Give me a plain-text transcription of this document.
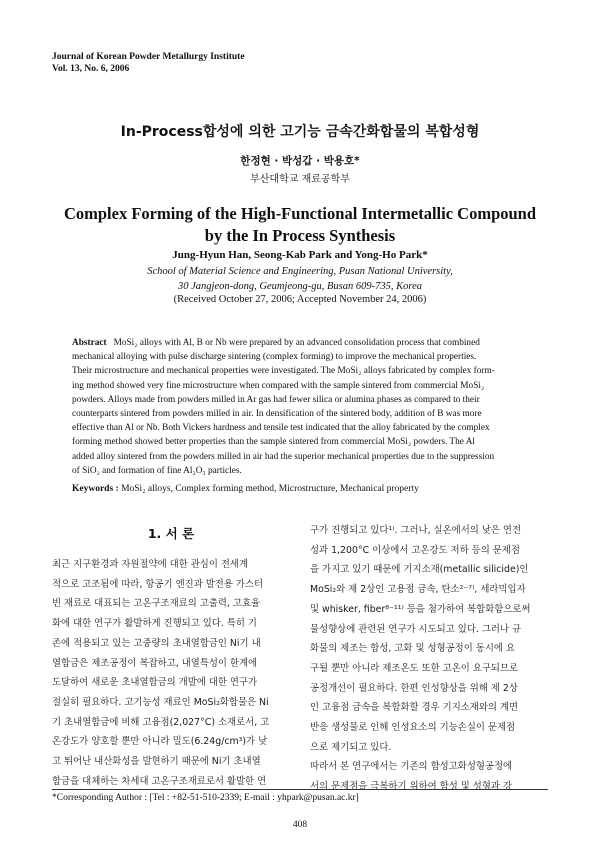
Journal of Korean Powder Metallurgy Institute
Vol. 13, No. 6, 2006
In-Process합성에 의한 고기능 금속간화합물의 복합성형
한정현 · 박성갑 · 박용호*
부산대학교 재료공학부
Complex Forming of the High-Functional Intermetallic Compound
by the In Process Synthesis
Jung-Hyun Han, Seong-Kab Park and Yong-Ho Park*
School of Material Science and Engineering, Pusan National University,
30 Jangjeon-dong, Geumjeong-gu, Busan 609-735, Korea
(Received October 27, 2006; Accepted November 24, 2006)
Abstract MoSi₂ alloys with Al, B or Nb were prepared by an advanced consolidation process that combined
mechanical alloying with pulse discharge sintering (complex forming) to improve the mechanical properties.
Their microstructure and mechanical properties were investigated. The MoSi₂ alloys fabricated by complex form-
ing method showed very fine microstructure when compared with the sample sintered from commercial MoSi₂
powders. Alloys made from powders milled in Ar gas had fewer silica or alumina phases as compared to their
counterparts sintered from powders milled in air. In densification of the sintered body, addition of B was more
effective than Al or Nb. Both Vickers hardness and tensile test indicated that the alloy fabricated by the complex
forming method showed better properties than the sample sintered from commercial MoSi₂ powders. The Al
added alloy sintered from the powders milled in air had the superior mechanical properties due to the suppression
of SiO₂ and formation of fine Al₂O₃ particles.
Keywords : MoSi₂ alloys, Complex forming method, Microstructure, Mechanical property
1. 서 론
최근 지구환경과 자원절약에 대한 관심이 전세계
적으로 고조됨에 따라, 항공기 엔진과 발전용 가스터
빈 재료로 대표되는 고온구조재료의 고출력, 고효율
화에 대한 연구가 활발하게 진행되고 있다. 특히 기
존에 적용되고 있는 고중량의 초내열합금인 Ni기 내
열합금은 제조공정이 복잡하고, 내열특성이 한계에
도달하여 새로운 초내열합금의 개발에 대한 연구가
절실히 필요하다. 고기능성 재료인 MoSi₂화합물은 Ni
기 초내열합금에 비해 고융점(2,027°C) 소재로서, 고
온강도가 양호할 뿐만 아니라 밀도(6.24g/cm³)가 낮
고 뛰어난 내산화성을 발현하기 때문에 Ni기 초내열
합금을 대체하는 차세대 고온구조재료로서 활발한 연
구가 진행되고 있다¹⁾. 그러나, 실온에서의 낮은 연전
성과 1,200°C 이상에서 고온강도 저하 등의 문제점
을 가지고 있기 때문에 기지소재(metallic silicide)인
MoSi₂와 제 2상인 고용점 금속, 탄소²⁻⁷⁾, 세라믹입자
및 whisker, fiber⁸⁻¹¹⁾ 등을 첨가하여 복합화함으로써
물성향상에 관련된 연구가 시도되고 있다. 그러나 규
화물의 제조는 합성, 고화 및 성형공정이 동시에 요
구될 뿐만 아니라 제조온도 또한 고온이 요구되므로
공정개선이 필요하다. 한편 인성향상을 위해 제 2상
인 고융점 금속을 복합화할 경우 기지소재와의 계면
반응 생성물로 인해 인성요소의 기능손실이 문제점
으로 제기되고 있다.
따라서 본 연구에서는 기존의 합성고화성형공정에
서의 문제점을 극복하기 위하여 합성 및 성형과 강
*Corresponding Author : [Tel : +82-51-510-2339; E-mail : yhpark@pusan.ac.kr]
408
